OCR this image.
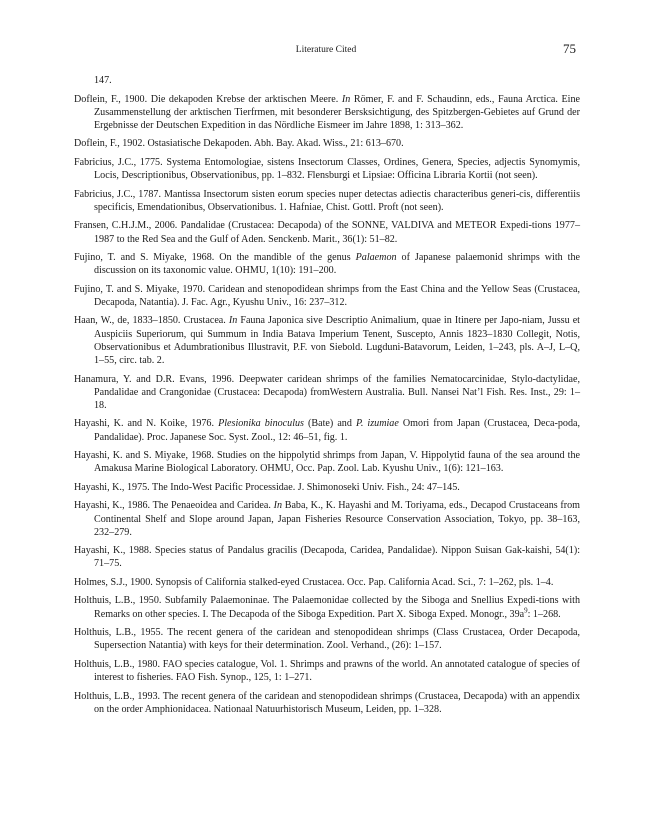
Literature Cited	75

147.

Doflein, F., 1900. Die dekapoden Krebse der arktischen Meere. In Römer, F. and F. Schaudinn, eds., Fauna Arctica. Eine Zusammenstellung der arktischen Tierfrmen, mit besonderer Bersksichtigung, des Spitzbergen-Gebietes auf Grund der Ergebnisse der Deutschen Expedition in das Nördliche Eismeer im Jahre 1898, 1: 313–362.

Doflein, F., 1902. Ostasiatische Dekapoden. Abh. Bay. Akad. Wiss., 21: 613–670.

Fabricius, J.C., 1775. Systema Entomologiae, sistens Insectorum Classes, Ordines, Genera, Species, adjectis Synomymis, Locis, Descriptionibus, Observationibus, pp. 1–832. Flensburgi et Lipsiae: Officina Libraria Kortii (not seen).

Fabricius, J.C., 1787. Mantissa Insectorum sisten eorum species nuper detectas adiectis characteribus generi-cis, differentiis specificis, Emendationibus, Observationibus. 1. Hafniae, Chist. Gottl. Proft (not seen).

Fransen, C.H.J.M., 2006. Pandalidae (Crustacea: Decapoda) of the SONNE, VALDIVA and METEOR Expedi-tions 1977–1987 to the Red Sea and the Gulf of Aden. Senckenb. Marit., 36(1): 51–82.

Fujino, T. and S. Miyake, 1968. On the mandible of the genus Palaemon of Japanese palaemonid shrimps with the discussion on its taxonomic value. OHMU, 1(10): 191–200.

Fujino, T. and S. Miyake, 1970. Caridean and stenopodidean shrimps from the East China and the Yellow Seas (Crustacea, Decapoda, Natantia). J. Fac. Agr., Kyushu Univ., 16: 237–312.

Haan, W., de, 1833–1850. Crustacea. In Fauna Japonica sive Descriptio Animalium, quae in Itinere per Japo-niam, Jussu et Auspiciis Superiorum, qui Summum in India Batava Imperium Tenent, Suscepto, Annis 1823–1830 Collegit, Notis, Observationibus et Adumbrationibus Illustravit, P.F. von Siebold. Lugduni-Batavorum, Leiden, 1–243, pls. A–J, L–Q, 1–55, circ. tab. 2.

Hanamura, Y. and D.R. Evans, 1996. Deepwater caridean shrimps of the families Nematocarcinidae, Stylo-dactylidae, Pandalidae and Crangonidae (Crustacea: Decapoda) fromWestern Australia. Bull. Nansei Nat’l Fish. Res. Inst., 29: 1–18.

Hayashi, K. and N. Koike, 1976. Plesionika binoculus (Bate) and P. izumiae Omori from Japan (Crustacea, Deca-poda, Pandalidae). Proc. Japanese Soc. Syst. Zool., 12: 46–51, fig. 1.

Hayashi, K. and S. Miyake, 1968. Studies on the hippolytid shrimps from Japan, V. Hippolytid fauna of the sea around the Amakusa Marine Biological Laboratory. OHMU, Occ. Pap. Zool. Lab. Kyushu Univ., 1(6): 121–163.

Hayashi, K., 1975. The Indo-West Pacific Processidae. J. Shimonoseki Univ. Fish., 24: 47–145.

Hayashi, K., 1986. The Penaeoidea and Caridea. In Baba, K., K. Hayashi and M. Toriyama, eds., Decapod Crustaceans from Continental Shelf and Slope around Japan, Japan Fisheries Resource Conservation Association, Tokyo, pp. 38–163, 232–279.

Hayashi, K., 1988. Species status of Pandalus gracilis (Decapoda, Caridea, Pandalidae). Nippon Suisan Gak-kaishi, 54(1): 71–75.

Holmes, S.J., 1900. Synopsis of California stalked-eyed Crustacea. Occ. Pap. California Acad. Sci., 7: 1–262, pls. 1–4.

Holthuis, L.B., 1950. Subfamily Palaemoninae. The Palaemonidae collected by the Siboga and Snellius Expedi-tions with Remarks on other species. I. The Decapoda of the Siboga Expedition. Part X. Siboga Exped. Monogr., $39a^9$: 1–268.

Holthuis, L.B., 1955. The recent genera of the caridean and stenopodidean shrimps (Class Crustacea, Order Decapoda, Supersection Natantia) with keys for their determination. Zool. Verhand., (26): 1–157.

Holthuis, L.B., 1980. FAO species catalogue, Vol. 1. Shrimps and prawns of the world. An annotated catalogue of species of interest to fisheries. FAO Fish. Synop., 125, 1: 1–271.

Holthuis, L.B., 1993. The recent genera of the caridean and stenopodidean shrimps (Crustacea, Decapoda) with an appendix on the order Amphionidacea. Nationaal Natuurhistorisch Museum, Leiden, pp. 1–328.
